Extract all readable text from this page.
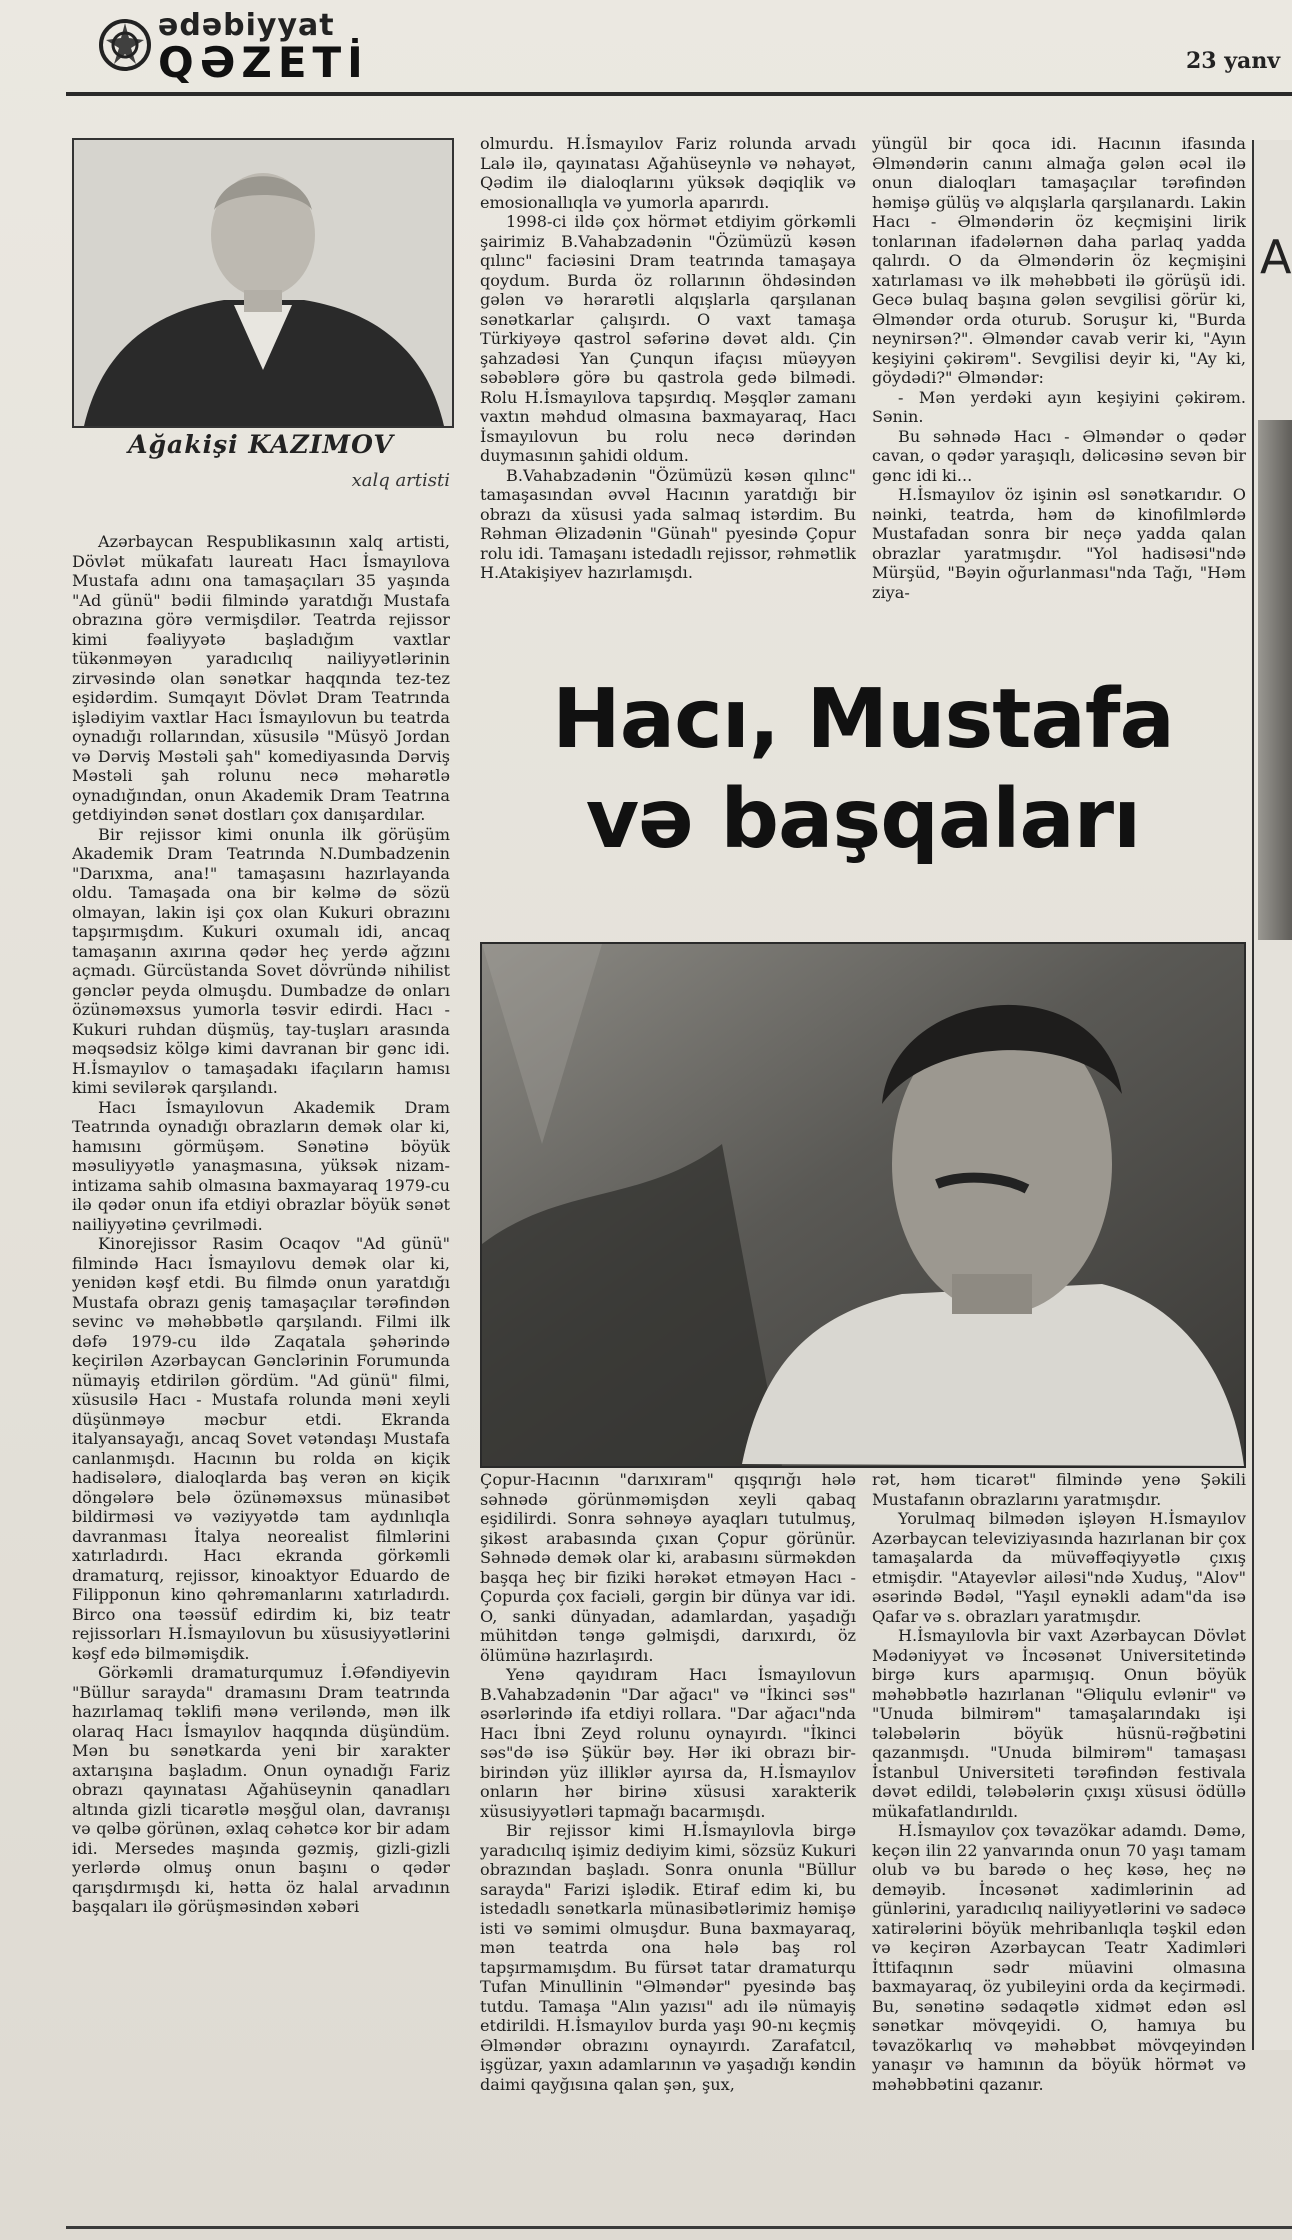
ədəbiyyat
QƏZETİ	23 yanv
Ağakişi KAZIMOV
xalq artisti

Azərbaycan Respublikasının xalq artisti, Dövlət mükafatı laureatı Hacı İsmayılova Mustafa adını ona tamaşaçıları 35 yaşında "Ad günü" bədii filmində yaratdığı Mustafa obrazına görə vermişdilər. Teatrda rejissor kimi fəaliyyətə başladığım vaxtlar tükənməyən yaradıcılıq nailiyyətlərinin zirvəsində olan sənətkar haqqında tez-tez eşidərdim. Sumqayıt Dövlət Dram Teatrında işlədiyim vaxtlar Hacı İsmayılovun bu teatrda oynadığı rollarından, xüsusilə "Müsyö Jordan və Dərviş Məstəli şah" komediyasında Dərviş Məstəli şah rolunu necə məharətlə oynadığından, onun Akademik Dram Teatrına getdiyindən sənət dostları çox danışardılar.

Bir rejissor kimi onunla ilk görüşüm Akademik Dram Teatrında N.Dumbadzenin "Darıxma, ana!" tamaşasını hazırlayanda oldu. Tamaşada ona bir kəlmə də sözü olmayan, lakin işi çox olan Kukuri obrazını tapşırmışdım. Kukuri oxumalı idi, ancaq tamaşanın axırına qədər heç yerdə ağzını açmadı. Gürcüstanda Sovet dövründə nihilist gənclər peyda olmuşdu. Dumbadze də onları özünəməxsus yumorla təsvir edirdi. Hacı - Kukuri ruhdan düşmüş, tay-tuşları arasında məqsədsiz kölgə kimi davranan bir gənc idi. H.İsmayılov o tamaşadakı ifaçıların hamısı kimi sevilərək qarşılandı.

Hacı İsmayılovun Akademik Dram Teatrında oynadığı obrazların demək olar ki, hamısını görmüşəm. Sənətinə böyük məsuliyyətlə yanaşmasına, yüksək nizam-intizama sahib olmasına baxmayaraq 1979-cu ilə qədər onun ifa etdiyi obrazlar böyük sənət nailiyyətinə çevrilmədi.

Kinorejissor Rasim Ocaqov "Ad günü" filmində Hacı İsmayılovu demək olar ki, yenidən kəşf etdi. Bu filmdə onun yaratdığı Mustafa obrazı geniş tamaşaçılar tərəfindən sevinc və məhəbbətlə qarşılandı. Filmi ilk dəfə 1979-cu ildə Zaqatala şəhərində keçirilən Azərbaycan Gənclərinin Forumunda nümayiş etdirilən gördüm. "Ad günü" filmi, xüsusilə Hacı - Mustafa rolunda məni xeyli düşünməyə məcbur etdi. Ekranda italyansayağı, ancaq Sovet vətəndaşı Mustafa canlanmışdı. Hacının bu rolda ən kiçik hadisələrə, dialoqlarda baş verən ən kiçik döngələrə belə özünəməxsus münasibət bildirməsi və vəziyyətdə tam aydınlıqla davranması İtalya neorealist filmlərini xatırladırdı. Hacı ekranda görkəmli dramaturq, rejissor, kinoaktyor Eduardo de Filipponun kino qəhrəmanlarını xatırladırdı. Birco ona təəssüf edirdim ki, biz teatr rejissorları H.İsmayılovun bu xüsusiyyətlərini kəşf edə bilməmişdik.

Görkəmli dramaturqumuz İ.Əfəndiyevin "Büllur sarayda" dramasını Dram teatrında hazırlamaq təklifi mənə veriləndə, mən ilk olaraq Hacı İsmayılov haqqında düşündüm. Mən bu sənətkarda yeni bir xarakter axtarışına başladım. Onun oynadığı Fariz obrazı qayınatası Ağahüseynin qanadları altında gizli ticarətlə məşğul olan, davranışı və qəlbə görünən, əxlaq cəhətcə kor bir adam idi. Mersedes maşında gəzmiş, gizli-gizli yerlərdə olmuş onun başını o qədər qarışdırmışdı ki, hətta öz halal arvadının başqaları ilə görüşməsindən xəbəri

olmurdu. H.İsmayılov Fariz rolunda arvadı Lalə ilə, qayınatası Ağahüseynlə və nəhayət, Qədim ilə dialoqlarını yüksək dəqiqlik və emosionallıqla və yumorla aparırdı.

1998-ci ildə çox hörmət etdiyim görkəmli şairimiz B.Vahabzadənin "Özümüzü kəsən qılınc" faciəsini Dram teatrında tamaşaya qoydum. Burda öz rollarının öhdəsindən gələn və hərarətli alqışlarla qarşılanan sənətkarlar çalışırdı. O vaxt tamaşa Türkiyəyə qastrol səfərinə dəvət aldı. Çin şahzadəsi Yan Çunqun ifaçısı müəyyən səbəblərə görə bu qastrola gedə bilmədi. Rolu H.İsmayılova tapşırdıq. Məşqlər zamanı vaxtın məhdud olmasına baxmayaraq, Hacı İsmayılovun bu rolu necə dərindən duymasının şahidi oldum.

B.Vahabzadənin "Özümüzü kəsən qılınc" tamaşasından əvvəl Hacının yaratdığı bir obrazı da xüsusi yada salmaq istərdim. Bu Rəhman Əlizadənin "Günah" pyesində Çopur rolu idi. Tamaşanı istedadlı rejissor, rəhmətlik H.Atakişiyev hazırlamışdı.

yüngül bir qoca idi. Hacının ifasında Əlməndərin canını almağa gələn əcəl ilə onun dialoqları tamaşaçılar tərəfindən həmişə gülüş və alqışlarla qarşılanardı. Lakin Hacı - Əlməndərin öz keçmişini lirik tonlarınan ifadələrnən daha parlaq yadda qalırdı. O da Əlməndərin öz keçmişini xatırlaması və ilk məhəbbəti ilə görüşü idi. Gecə bulaq başına gələn sevgilisi görür ki, Əlməndər orda oturub. Soruşur ki, "Burda neynirsən?". Əlməndər cavab verir ki, "Ayın keşiyini çəkirəm". Sevgilisi deyir ki, "Ay ki, göydədi?" Əlməndər:

- Mən yerdəki ayın keşiyini çəkirəm. Sənin.

Bu səhnədə Hacı - Əlməndər o qədər cavan, o qədər yaraşıqlı, dəlicəsinə sevən bir gənc idi ki...

H.İsmayılov öz işinin əsl sənətkarıdır. O nəinki, teatrda, həm də kinofilmlərdə Mustafadan sonra bir neçə yadda qalan obrazlar yaratmışdır. "Yol hadisəsi"ndə Mürşüd, "Bəyin oğurlanması"nda Tağı, "Həm ziya-

Hacı, Mustafa
və başqaları

Çopur-Hacının "darıxıram" qışqırığı hələ səhnədə görünməmişdən xeyli qabaq eşidilirdi. Sonra səhnəyə ayaqları tutulmuş, şikəst arabasında çıxan Çopur görünür. Səhnədə demək olar ki, arabasını sürməkdən başqa heç bir fiziki hərəkət etməyən Hacı - Çopurda çox faciəli, gərgin bir dünya var idi. O, sanki dünyadan, adamlardan, yaşadığı mühitdən təngə gəlmişdi, darıxırdı, öz ölümünə hazırlaşırdı.

Yenə qayıdıram Hacı İsmayılovun B.Vahabzadənin "Dar ağacı" və "İkinci səs" əsərlərində ifa etdiyi rollara. "Dar ağacı"nda Hacı İbni Zeyd rolunu oynayırdı. "İkinci səs"də isə Şükür bəy. Hər iki obrazı bir-birindən yüz illiklər ayırsa da, H.İsmayılov onların hər birinə xüsusi xarakterik xüsusiyyətləri tapmağı bacarmışdı.

Bir rejissor kimi H.İsmayılovla birgə yaradıcılıq işimiz dediyim kimi, sözsüz Kukuri obrazından başladı. Sonra onunla "Büllur sarayda" Farizi işlədik. Etiraf edim ki, bu istedadlı sənətkarla münasibətlərimiz həmişə isti və səmimi olmuşdur. Buna baxmayaraq, mən teatrda ona hələ baş rol tapşırmamışdım. Bu fürsət tatar dramaturqu Tufan Minullinin "Əlməndər" pyesində baş tutdu. Tamaşa "Alın yazısı" adı ilə nümayiş etdirildi. H.İsmayılov burda yaşı 90-nı keçmiş Əlməndər obrazını oynayırdı. Zarafatcıl, işgüzar, yaxın adamlarının və yaşadığı kəndin daimi qayğısına qalan şən, şux,

rət, həm ticarət" filmində yenə Şəkili Mustafanın obrazlarını yaratmışdır.

Yorulmaq bilmədən işləyən H.İsmayılov Azərbaycan televiziyasında hazırlanan bir çox tamaşalarda da müvəffəqiyyətlə çıxış etmişdir. "Atayevlər ailəsi"ndə Xuduş, "Alov" əsərində Bədəl, "Yaşıl eynəkli adam"da isə Qafar və s. obrazları yaratmışdır.

H.İsmayılovla bir vaxt Azərbaycan Dövlət Mədəniyyət və İncəsənət Universitetində birgə kurs aparmışıq. Onun böyük məhəbbətlə hazırlanan "Əliqulu evlənir" və "Unuda bilmirəm" tamaşalarındakı işi tələbələrin böyük hüsnü-rəğbətini qazanmışdı. "Unuda bilmirəm" tamaşası İstanbul Universiteti tərəfindən festivala dəvət edildi, tələbələrin çıxışı xüsusi ödüllə mükafatlandırıldı.

H.İsmayılov çox təvazökar adamdı. Dəmə, keçən ilin 22 yanvarında onun 70 yaşı tamam olub və bu barədə o heç kəsə, heç nə deməyib. İncəsənət xadimlərinin ad günlərini, yaradıcılıq nailiyyətlərini və sadəcə xatirələrini böyük mehribanlıqla təşkil edən və keçirən Azərbaycan Teatr Xadimləri İttifaqının sədr müavini olmasına baxmayaraq, öz yubileyini orda da keçirmədi. Bu, sənətinə sədaqətlə xidmət edən əsl sənətkar mövqeyidi. O, hamıya bu təvazökarlıq və məhəbbət mövqeyindən yanaşır və hamının da böyük hörmət və məhəbbətini qazanır.

A
